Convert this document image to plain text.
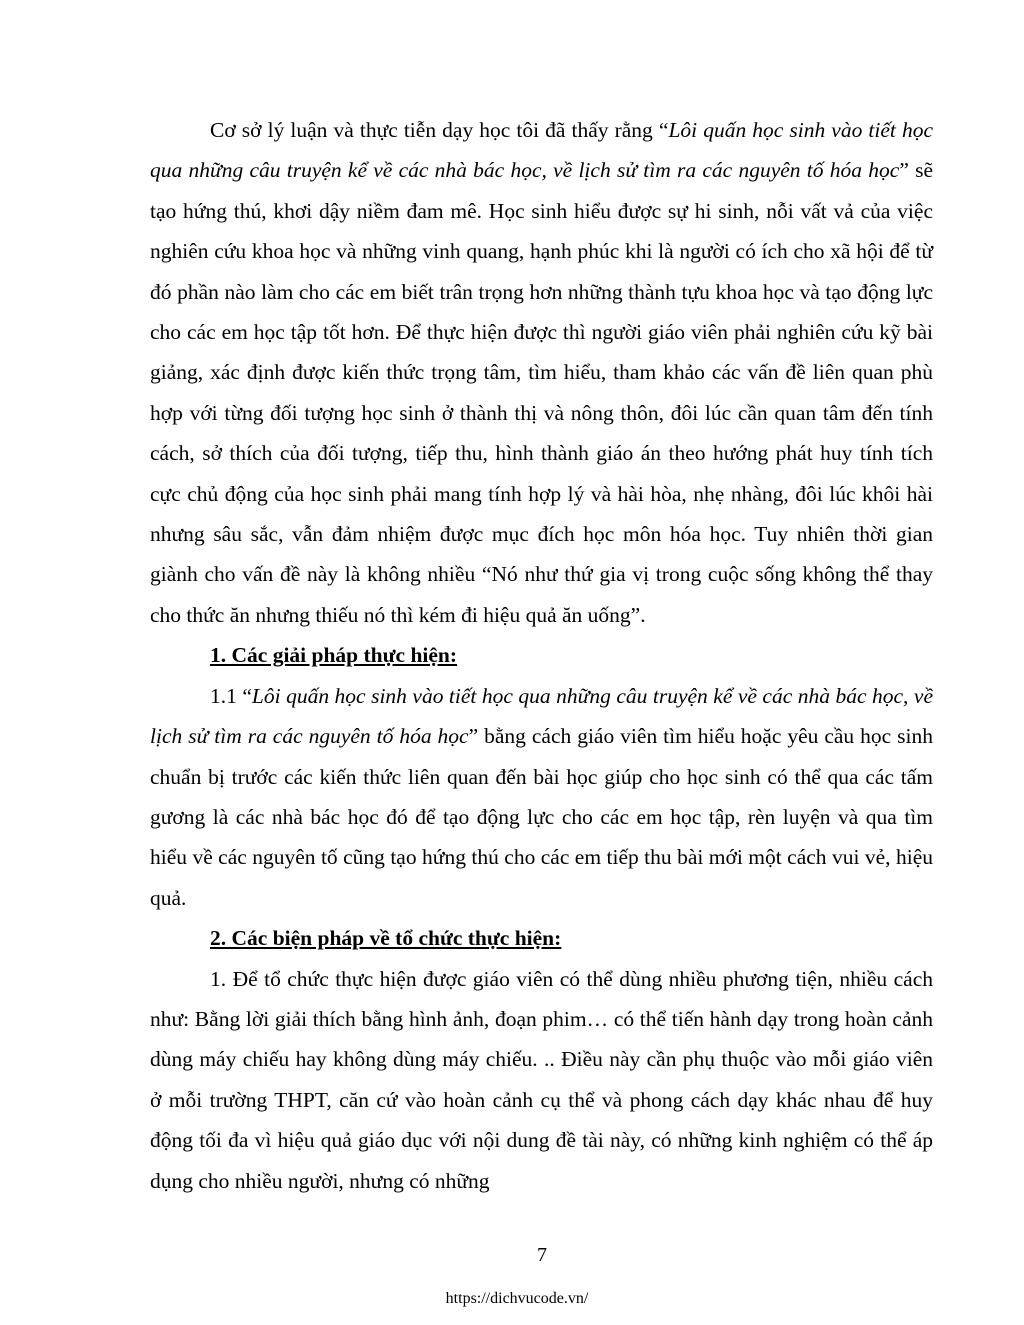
Cơ sở lý luận và thực tiễn dạy học tôi đã thấy rằng “Lôi quấn học sinh vào tiết học qua những câu truyện kể về các nhà bác học, về lịch sử tìm ra các nguyên tố hóa học” sẽ tạo hứng thú, khơi dậy niềm đam mê. Học sinh hiểu được sự hi sinh, nỗi vất vả của việc nghiên cứu khoa học và những vinh quang, hạnh phúc khi là người có ích cho xã hội để từ đó phần nào làm cho các em biết trân trọng hơn những thành tựu khoa học và tạo động lực cho các em học tập tốt hơn. Để thực hiện được thì người giáo viên phải nghiên cứu kỹ bài giảng, xác định được kiến thức trọng tâm, tìm hiểu, tham khảo các vấn đề liên quan phù hợp với từng đối tượng học sinh ở thành thị và nông thôn, đôi lúc cần quan tâm đến tính cách, sở thích của đối tượng, tiếp thu, hình thành giáo án theo hướng phát huy tính tích cực chủ động của học sinh phải mang tính hợp lý và hài hòa, nhẹ nhàng, đôi lúc khôi hài nhưng sâu sắc, vẫn đảm nhiệm được mục đích học môn hóa học. Tuy nhiên thời gian giành cho vấn đề này là không nhiều “Nó như thứ gia vị trong cuộc sống không thể thay cho thức ăn nhưng thiếu nó thì kém đi hiệu quả ăn uống”.

1. Các giải pháp thực hiện:

1.1 “Lôi quấn học sinh vào tiết học qua những câu truyện kể về các nhà bác học, về lịch sử tìm ra các nguyên tố hóa học” bằng cách giáo viên tìm hiểu hoặc yêu cầu học sinh chuẩn bị trước các kiến thức liên quan đến bài học giúp cho học sinh có thể qua các tấm gương là các nhà bác học đó để tạo động lực cho các em học tập, rèn luyện và qua tìm hiểu về các nguyên tố cũng tạo hứng thú cho các em tiếp thu bài mới một cách vui vẻ, hiệu quả.

2. Các biện pháp về tổ chức thực hiện:

1. Để tổ chức thực hiện được giáo viên có thể dùng nhiều phương tiện, nhiều cách như: Bằng lời giải thích bằng hình ảnh, đoạn phim… có thể tiến hành dạy trong hoàn cảnh dùng máy chiếu hay không dùng máy chiếu. .. Điều này cần phụ thuộc vào mỗi giáo viên ở mỗi trường THPT, căn cứ vào hoàn cảnh cụ thể và phong cách dạy khác nhau để huy động tối đa vì hiệu quả giáo dục với nội dung đề tài này, có những kinh nghiệm có thể áp dụng cho nhiều người, nhưng có những

7
https://dichvucode.vn/
